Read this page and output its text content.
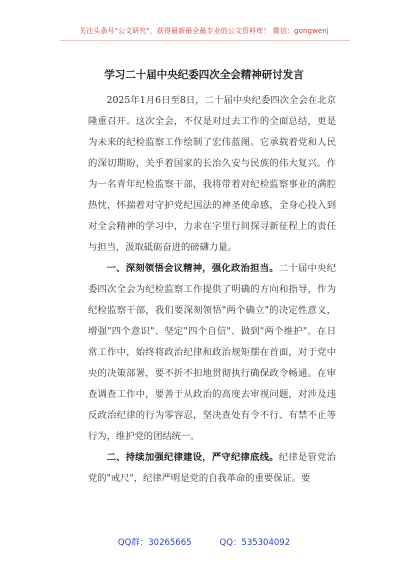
关注头条号"公文研究"，获得最新最全最专业的公文资料库！ 微信：gongwenj
学习二十届中央纪委四次全会精神研讨发言

2025年1月6日至8日，二十届中央纪委四次全会在北京隆重召开。这次全会，不仅是对过去工作的全面总结，更是为未来的纪检监察工作绘制了宏伟蓝图。它承载着党和人民的深切期盼，关乎着国家的长治久安与民族的伟大复兴。作为一名青年纪检监察干部，我将带着对纪检监察事业的满腔热忱，怀揣着对守护党纪国法的神圣使命感，全身心投入到对全会精神的学习中，力求在字里行间探寻新征程上的责任与担当，汲取砥砺奋进的磅礴力量。

一、深刻领悟会议精神，强化政治担当。二十届中央纪委四次全会为纪检监察工作提供了明确的方向和指导，作为纪检监察干部，我们要深刻领悟"两个确立"的决定性意义，增强"四个意识"、坚定"四个自信"、做到"两个维护"。在日常工作中，始终将政治纪律和政治规矩摆在首面，对于党中央的决策部署，要不折不扣地贯彻执行确保政令畅通。在审查调查工作中，要善于从政治的高度去审视问题，对涉及违反政治纪律的行为零容忍，坚决查处有令不行、有禁不止等行为，维护党的团结统一。

二、持续加强纪律建设，严守纪律底线。纪律是管党治党的"戒尺"，纪律严明是党的自我革命的重要保证。要

QQ群：30265665	QQ：535304092
